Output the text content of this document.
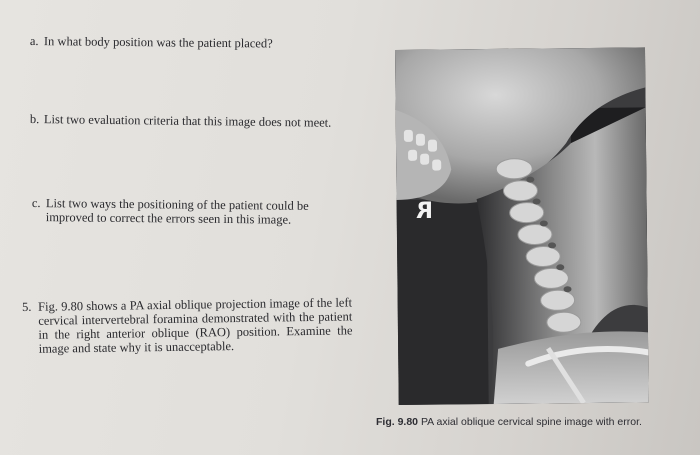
a. In what body position was the patient placed?

b. List two evaluation criteria that this image does not meet.

c. List two ways the positioning of the patient could be improved to correct the errors seen in this image.

5. Fig. 9.80 shows a PA axial oblique projection image of the left cervical intervertebral foramina demonstrated with the patient in the right anterior oblique (RAO) position. Examine the image and state why it is unacceptable.

R
Fig. 9.80 PA axial oblique cervical spine image with error.
